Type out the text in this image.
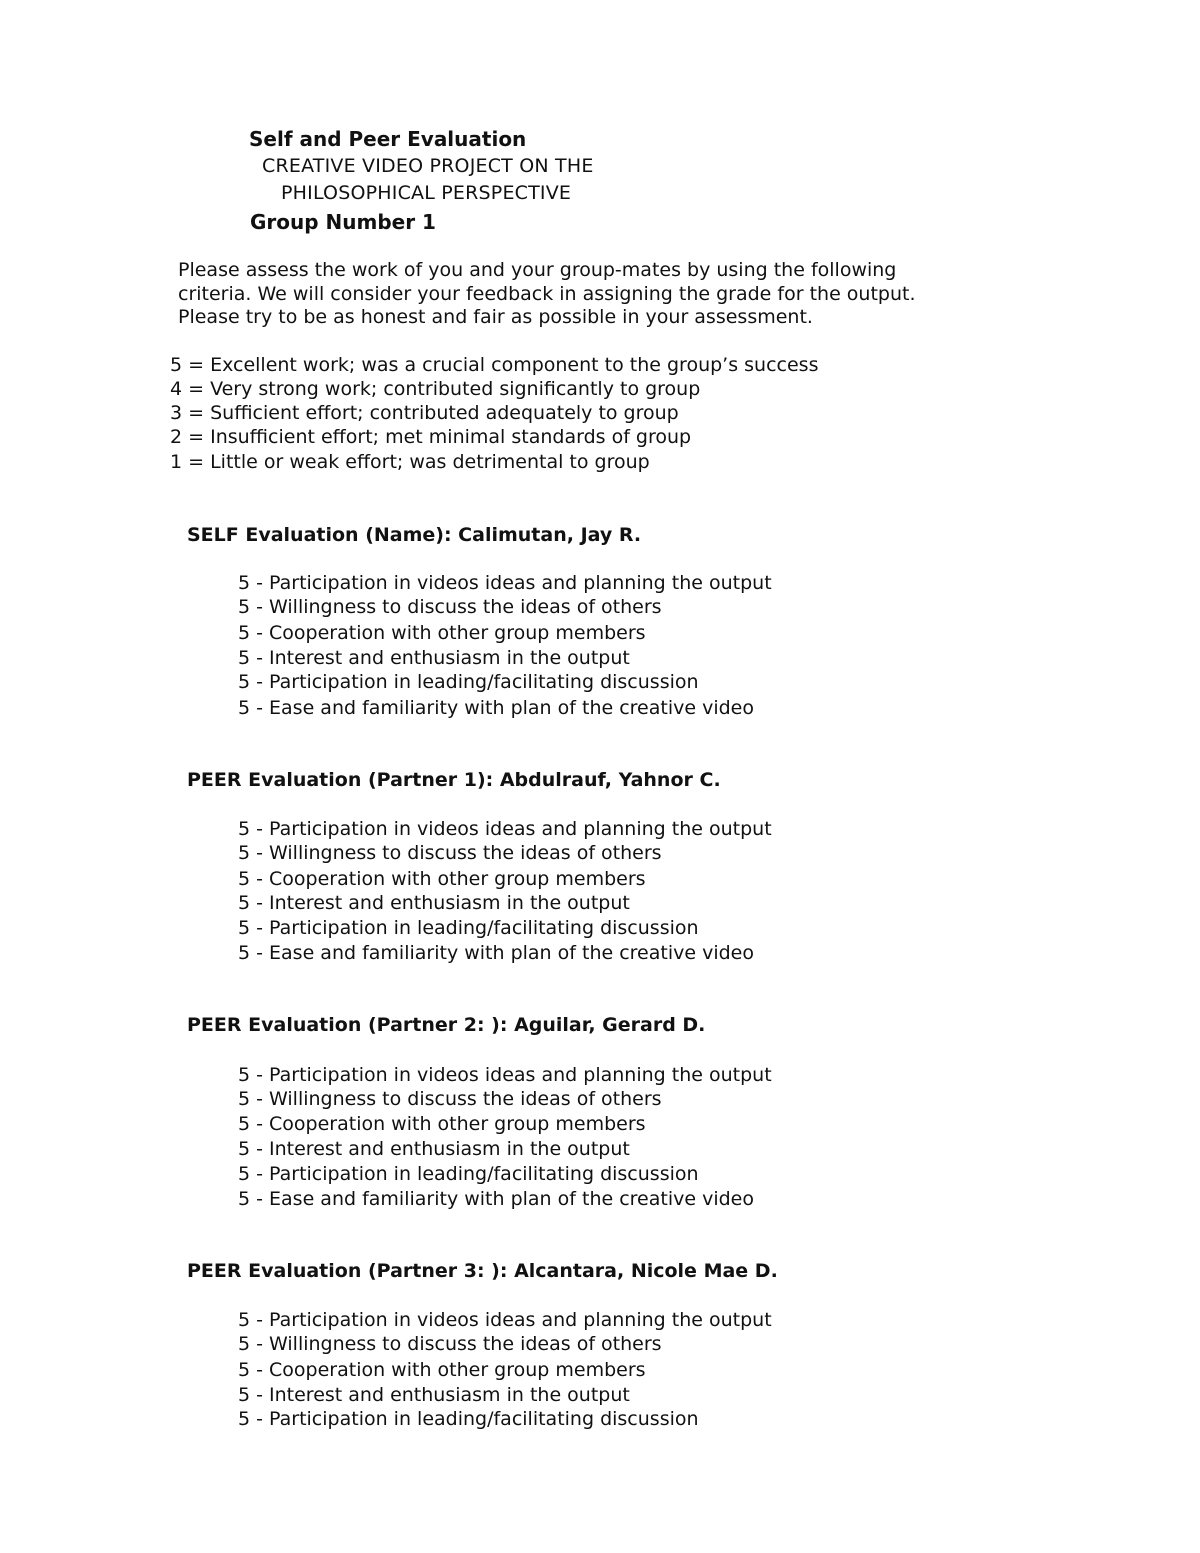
Self and Peer Evaluation
CREATIVE VIDEO PROJECT ON THE
PHILOSOPHICAL PERSPECTIVE
Group Number 1
Please assess the work of you and your group-mates by using the following
criteria. We will consider your feedback in assigning the grade for the output.
Please try to be as honest and fair as possible in your assessment.
5 = Excellent work; was a crucial component to the group’s success
4 = Very strong work; contributed significantly to group
3 = Sufficient effort; contributed adequately to group
2 = Insufficient effort; met minimal standards of group
1 = Little or weak effort; was detrimental to group
SELF Evaluation (Name): Calimutan, Jay R.
5 - Participation in videos ideas and planning the output
5 - Willingness to discuss the ideas of others
5 - Cooperation with other group members
5 - Interest and enthusiasm in the output
5 - Participation in leading/facilitating discussion
5 - Ease and familiarity with plan of the creative video
PEER Evaluation (Partner 1): Abdulrauf, Yahnor C.
5 - Participation in videos ideas and planning the output
5 - Willingness to discuss the ideas of others
5 - Cooperation with other group members
5 - Interest and enthusiasm in the output
5 - Participation in leading/facilitating discussion
5 - Ease and familiarity with plan of the creative video
PEER Evaluation (Partner 2: ): Aguilar, Gerard D.
5 - Participation in videos ideas and planning the output
5 - Willingness to discuss the ideas of others
5 - Cooperation with other group members
5 - Interest and enthusiasm in the output
5 - Participation in leading/facilitating discussion
5 - Ease and familiarity with plan of the creative video
PEER Evaluation (Partner 3: ): Alcantara, Nicole Mae D.
5 - Participation in videos ideas and planning the output
5 - Willingness to discuss the ideas of others
5 - Cooperation with other group members
5 - Interest and enthusiasm in the output
5 - Participation in leading/facilitating discussion
